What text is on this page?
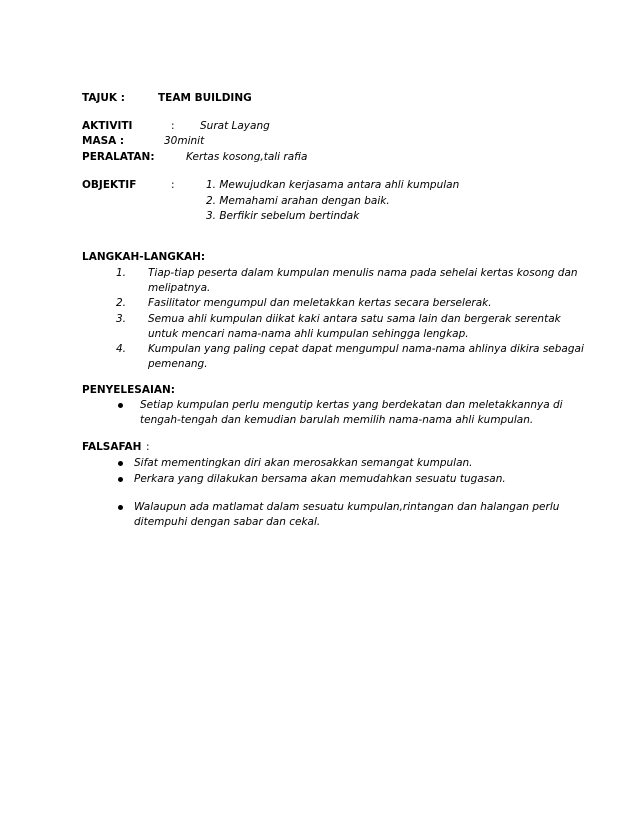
TAJUK :	TEAM BUILDING
AKTIVITI	: Surat Layang
MASA :	30minit
PERALATAN:	Kertas kosong,tali rafia
OBJEKTIF	:	1. Mewujudkan kerjasama antara ahli kumpulan
2. Memahami arahan dengan baik.
3. Berfikir sebelum bertindak
LANGKAH-LANGKAH:
1. Tiap-tiap peserta dalam kumpulan menulis nama pada sehelai kertas kosong dan
melipatnya.
2. Fasilitator mengumpul dan meletakkan kertas secara berselerak.
3. Semua ahli kumpulan diikat kaki antara satu sama lain dan bergerak serentak
untuk mencari nama-nama ahli kumpulan sehingga lengkap.
4. Kumpulan yang paling cepat dapat mengumpul nama-nama ahlinya dikira sebagai
pemenang.
PENYELESAIAN:
Setiap kumpulan perlu mengutip kertas yang berdekatan dan meletakkannya di
tengah-tengah dan kemudian barulah memilih nama-nama ahli kumpulan.
FALSAFAH :
Sifat mementingkan diri akan merosakkan semangat kumpulan.
Perkara yang dilakukan bersama akan memudahkan sesuatu tugasan.
Walaupun ada matlamat dalam sesuatu kumpulan,rintangan dan halangan perlu
ditempuhi dengan sabar dan cekal.
